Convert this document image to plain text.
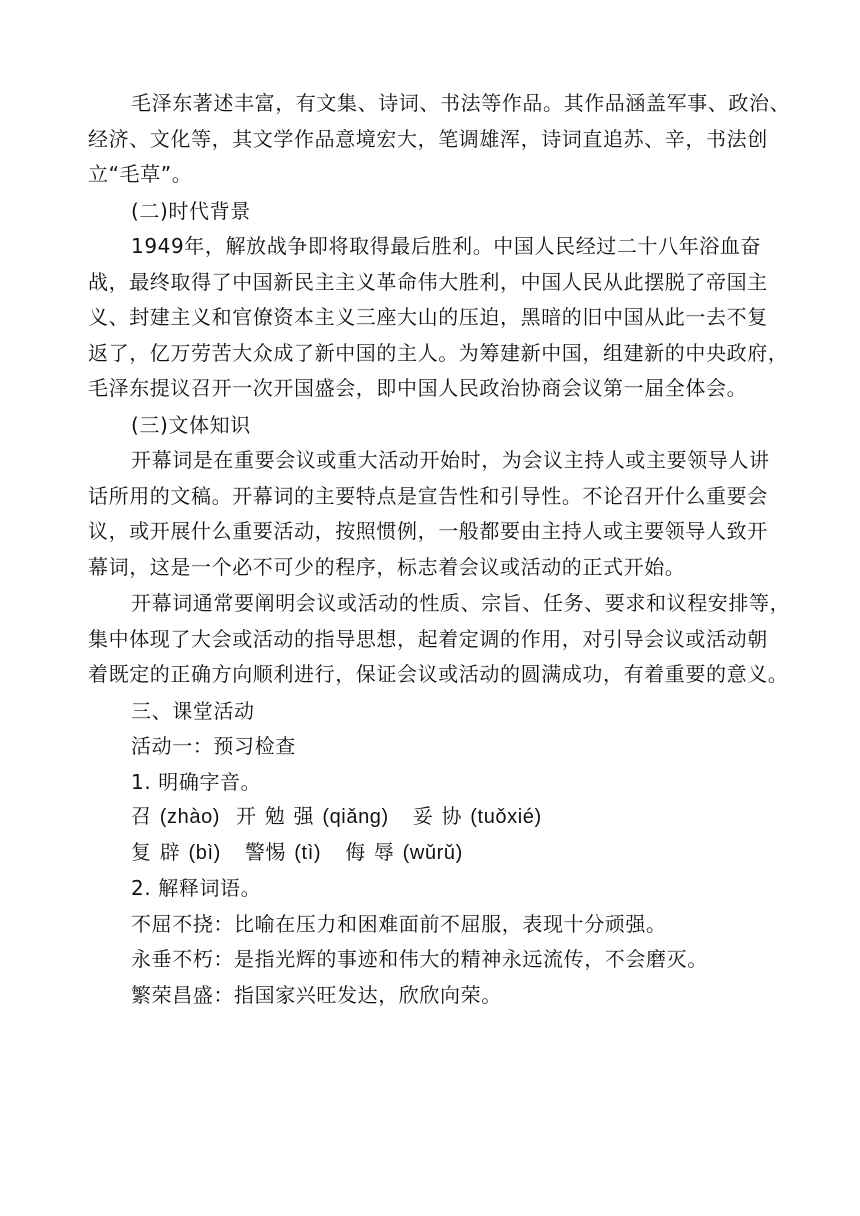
毛泽东著述丰富，有文集、诗词、书法等作品。其作品涵盖军事、政治、

经济、文化等，其文学作品意境宏大，笔调雄浑，诗词直追苏、辛，书法创

立“毛草”。

(二)时代背景

1949年，解放战争即将取得最后胜利。中国人民经过二十八年浴血奋

战，最终取得了中国新民主主义革命伟大胜利，中国人民从此摆脱了帝国主

义、封建主义和官僚资本主义三座大山的压迫，黑暗的旧中国从此一去不复

返了，亿万劳苦大众成了新中国的主人。为筹建新中国，组建新的中央政府，

毛泽东提议召开一次开国盛会，即中国人民政治协商会议第一届全体会。

(三)文体知识

开幕词是在重要会议或重大活动开始时，为会议主持人或主要领导人讲

话所用的文稿。开幕词的主要特点是宣告性和引导性。不论召开什么重要会

议，或开展什么重要活动，按照惯例，一般都要由主持人或主要领导人致开

幕词，这是一个必不可少的程序，标志着会议或活动的正式开始。

开幕词通常要阐明会议或活动的性质、宗旨、任务、要求和议程安排等，

集中体现了大会或活动的指导思想，起着定调的作用，对引导会议或活动朝

着既定的正确方向顺利进行，保证会议或活动的圆满成功，有着重要的意义。

三、课堂活动

活动一：预习检查

1. 明确字音。

召 (zhào) 开 勉 强 (qiǎng) 妥 协 (tuǒxié)

复 辟 (bì) 警惕 (tì) 侮 辱 (wǔrǔ)

2. 解释词语。

不屈不挠：比喻在压力和困难面前不屈服，表现十分顽强。

永垂不朽：是指光辉的事迹和伟大的精神永远流传，不会磨灭。

繁荣昌盛：指国家兴旺发达，欣欣向荣。
